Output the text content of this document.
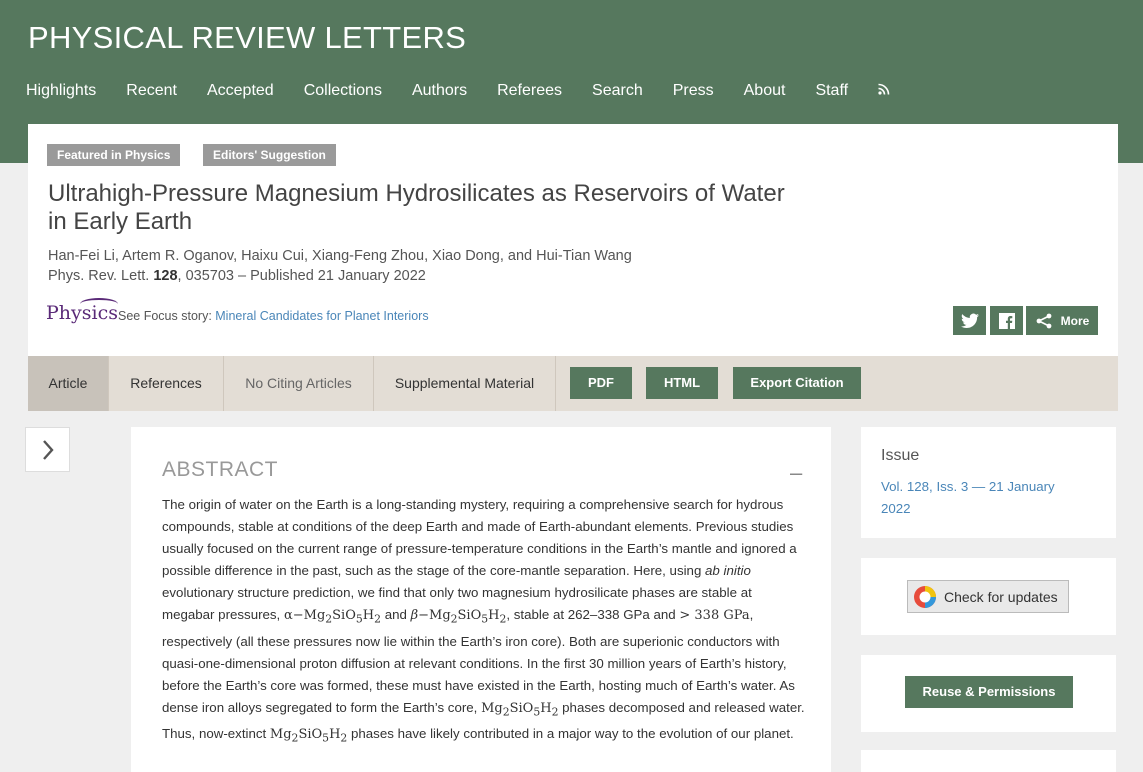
PHYSICAL REVIEW LETTERS
Highlights Recent Accepted Collections Authors Referees Search Press About Staff
Featured in Physics	Editors' Suggestion
Ultrahigh-Pressure Magnesium Hydrosilicates as Reservoirs of Water in Early Earth
Han-Fei Li, Artem R. Oganov, Haixu Cui, Xiang-Feng Zhou, Xiao Dong, and Hui-Tian Wang
Phys. Rev. Lett. 128, 035703 – Published 21 January 2022
Physics See Focus story: Mineral Candidates for Planet Interiors	More
Article	References	No Citing Articles	Supplemental Material	PDF	HTML	Export Citation
ABSTRACT	–

The origin of water on the Earth is a long-standing mystery, requiring a comprehensive search for hydrous compounds, stable at conditions of the deep Earth and made of Earth-abundant elements. Previous studies usually focused on the current range of pressure-temperature conditions in the Earth’s mantle and ignored a possible difference in the past, such as the stage of the core-mantle separation. Here, using ab initio evolutionary structure prediction, we find that only two magnesium hydrosilicate phases are stable at megabar pressures, $\alpha-Mg_2SiO_5H_2$ and $\beta-Mg_2SiO_5H_2$, stable at 262–338 GPa and > 338 GPa, respectively (all these pressures now lie within the Earth’s iron core). Both are superionic conductors with quasi-one-dimensional proton diffusion at relevant conditions. In the first 30 million years of Earth’s history, before the Earth’s core was formed, these must have existed in the Earth, hosting much of Earth’s water. As dense iron alloys segregated to form the Earth’s core, $Mg_2SiO_5H_2$ phases decomposed and released water. Thus, now-extinct $Mg_2SiO_5H_2$ phases have likely contributed in a major way to the evolution of our planet.

Issue
Vol. 128, Iss. 3 — 21 January 2022
Check for updates
Reuse & Permissions
